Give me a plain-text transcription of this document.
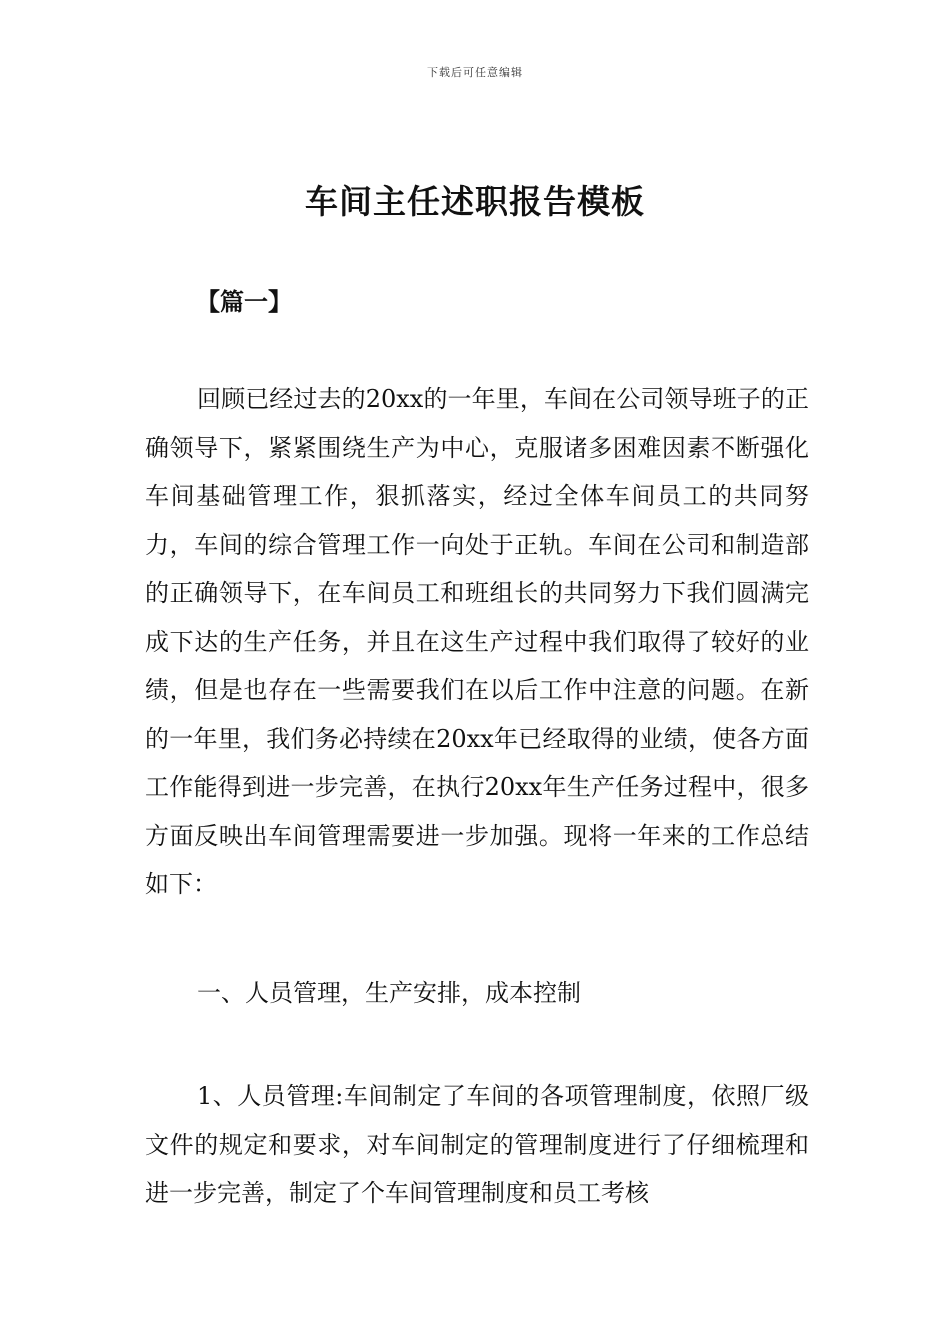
下载后可任意编辑
车间主任述职报告模板
【篇一】

回顾已经过去的20xx的一年里，车间在公司领导班子的正确领导下，紧紧围绕生产为中心，克服诸多困难因素不断强化车间基础管理工作，狠抓落实，经过全体车间员工的共同努力，车间的综合管理工作一向处于正轨。车间在公司和制造部的正确领导下，在车间员工和班组长的共同努力下我们圆满完成下达的生产任务，并且在这生产过程中我们取得了较好的业绩，但是也存在一些需要我们在以后工作中注意的问题。在新的一年里，我们务必持续在20xx年已经取得的业绩，使各方面工作能得到进一步完善，在执行20xx年生产任务过程中，很多方面反映出车间管理需要进一步加强。现将一年来的工作总结如下：

一、人员管理，生产安排，成本控制

1、人员管理:车间制定了车间的各项管理制度，依照厂级文件的规定和要求，对车间制定的管理制度进行了仔细梳理和进一步完善，制定了个车间管理制度和员工考核
